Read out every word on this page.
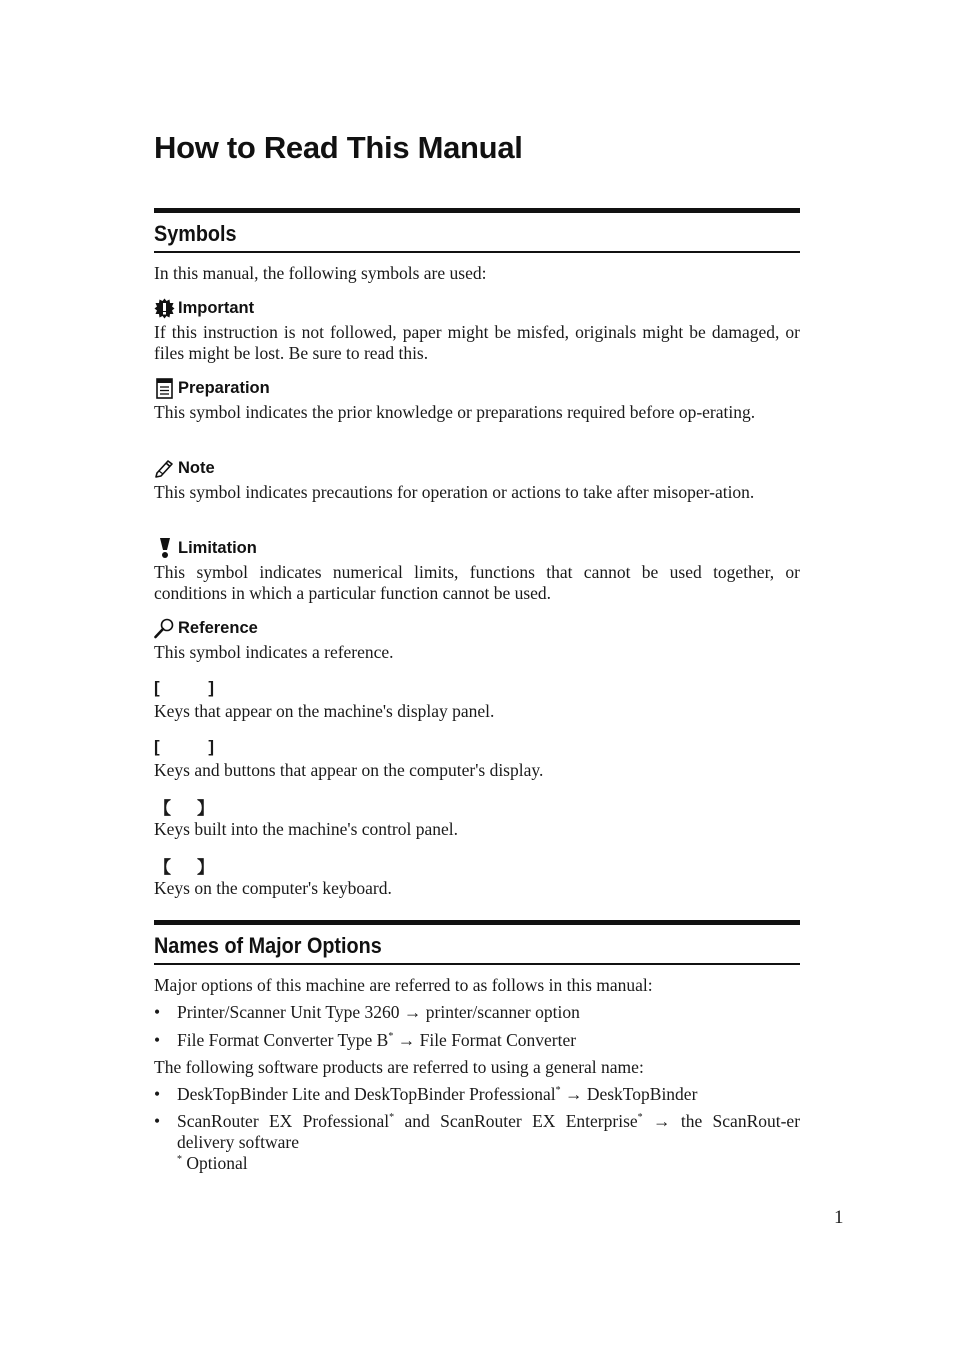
How to Read This Manual
Symbols

In this manual, the following symbols are used:

Important

If this instruction is not followed, paper might be misfed, originals might be damaged, or files might be lost. Be sure to read this.

Preparation

This symbol indicates the prior knowledge or preparations required before op-erating.

Note

This symbol indicates precautions for operation or actions to take after misoper-ation.

Limitation

This symbol indicates numerical limits, functions that cannot be used together, or conditions in which a particular function cannot be used.

Reference

This symbol indicates a reference.

[	]

Keys that appear on the machine's display panel.

[	]

Keys and buttons that appear on the computer's display.

【 】

Keys built into the machine's control panel.

【 】

Keys on the computer's keyboard.

Names of Major Options

Major options of this machine are referred to as follows in this manual:

• Printer/Scanner Unit Type 3260 → printer/scanner option
• File Format Converter Type B* → File Format Converter

The following software products are referred to using a general name:

• DeskTopBinder Lite and DeskTopBinder Professional* → DeskTopBinder
• ScanRouter EX Professional* and ScanRouter EX Enterprise* → the ScanRout-er delivery software
* Optional
1
